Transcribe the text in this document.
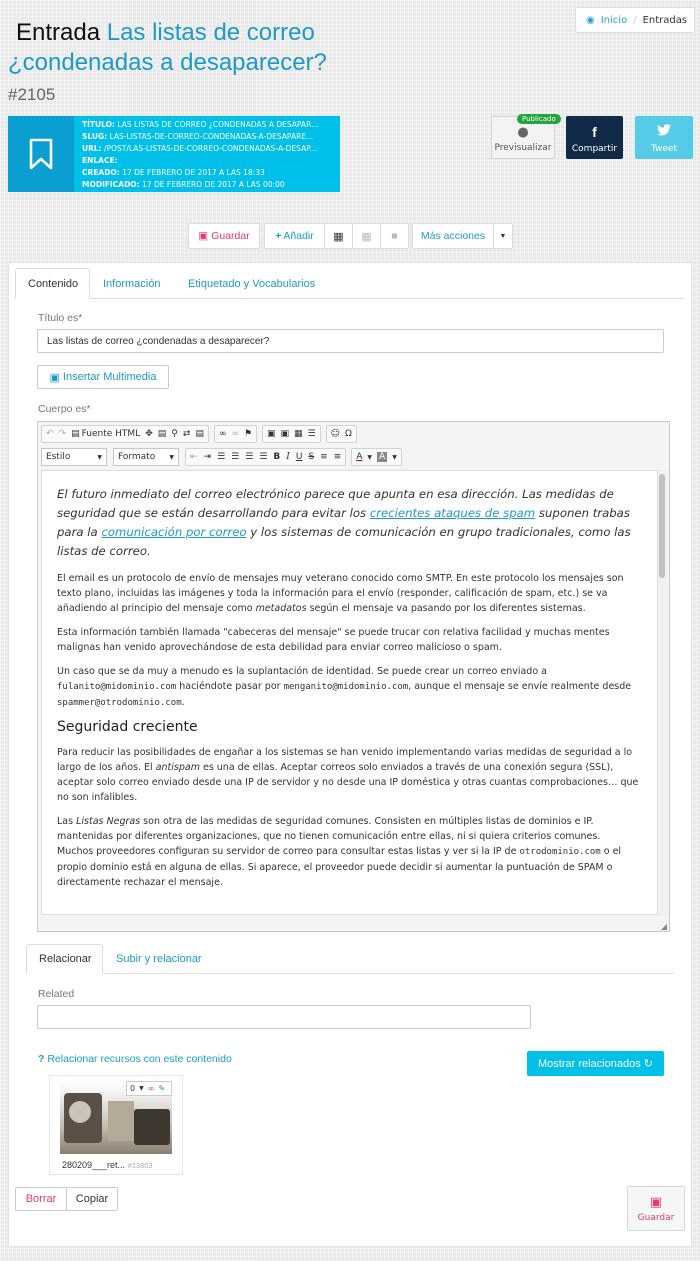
Entrada Las listas de correo ¿condenadas a desaparecer? #2105
◉ Inicio / Entradas
TÍTULO: LAS LISTAS DE CORREO ¿CONDENADAS A DESAPAR...
SLUG: LAS-LISTAS-DE-CORREO-CONDENADAS-A-DESAPARE...
URL: /POST/LAS-LISTAS-DE-CORREO-CONDENADAS-A-DESAP...
ENLACE:
CREADO: 17 DE FEBRERO DE 2017 A LAS 18:33
MODIFICADO: 17 DE FEBRERO DE 2017 A LAS 00:00
●
Previsualizar
Publicado
f
Compartir	Tweet
▣ Guardar + Añadir ▦ ▦ ■	Más acciones	▼
Contenido	Información	Etiquetado y Vocabularios
Título es*
Las listas de correo ¿condenadas a desaparecer?
▣ Insertar Multimedia
Cuerpo es*
↶ ↷ ▤ Fuente HTML ✥ ▤ ⚲ ⇄ ▤ ∞ ∞ ⚑ ▣ ▣ ▦ ☰ ☺ Ω
Estilo	▼ Formato ▼ ⇤ ⇥ ☰ ☰ ☰ ☰ B I U S ≡ ≡ A ▼ A	▼

El futuro inmediato del correo electrónico parece que apunta en esa dirección. Las medidas de seguridad que se están desarrollando para evitar los crecientes ataques de spam suponen trabas para la comunicación por correo y los sistemas de comunicación en grupo tradicionales, como las listas de correo.

El email es un protocolo de envío de mensajes muy veterano conocido como SMTP. En este protocolo los mensajes son texto plano, incluidas las imágenes y toda la información para el envío (responder, calificación de spam, etc.) se va añadiendo al principio del mensaje como metadatos según el mensaje va pasando por los diferentes sistemas.

Esta información también llamada "cabeceras del mensaje" se puede trucar con relativa facilidad y muchas mentes malignas han venido aprovechándose de esta debilidad para enviar correo malicioso o spam.

Un caso que se da muy a menudo es la suplantación de identidad. Se puede crear un correo enviado a fulanito@midominio.com haciéndote pasar por menganito@midominio.com, aunque el mensaje se envíe realmente desde spammer@otrodominio.com.

Seguridad creciente

Para reducir las posibilidades de engañar a los sistemas se han venido implementando varias medidas de seguridad a lo largo de los años. El antispam es una de ellas. Aceptar correos solo enviados a través de una conexión segura (SSL), aceptar solo correo enviado desde una IP de servidor y no desde una IP doméstica y otras cuantas comprobaciones… que no son infalibles.

Las Listas Negras son otra de las medidas de seguridad comunes. Consisten en múltiples listas de dominios e IP. mantenidas por diferentes organizaciones, que no tienen comunicación entre ellas, ni si quiera criterios comunes. Muchos proveedores configuran su servidor de correo para consultar estas listas y ver si la IP de otrodominio.com o el propio dominio está en alguna de ellas. Si aparece, el proveedor puede decidir si aumentar la puntuación de SPAM o directamente rechazar el mensaje.

◢
Relacionar	Subir y relacionar
Related
? Relacionar recursos con este contenido	Mostrar relacionados
↻
0 ▼ ∞ ✎
280209___ret... #13803
Borrar	Copiar	▣
Guardar
